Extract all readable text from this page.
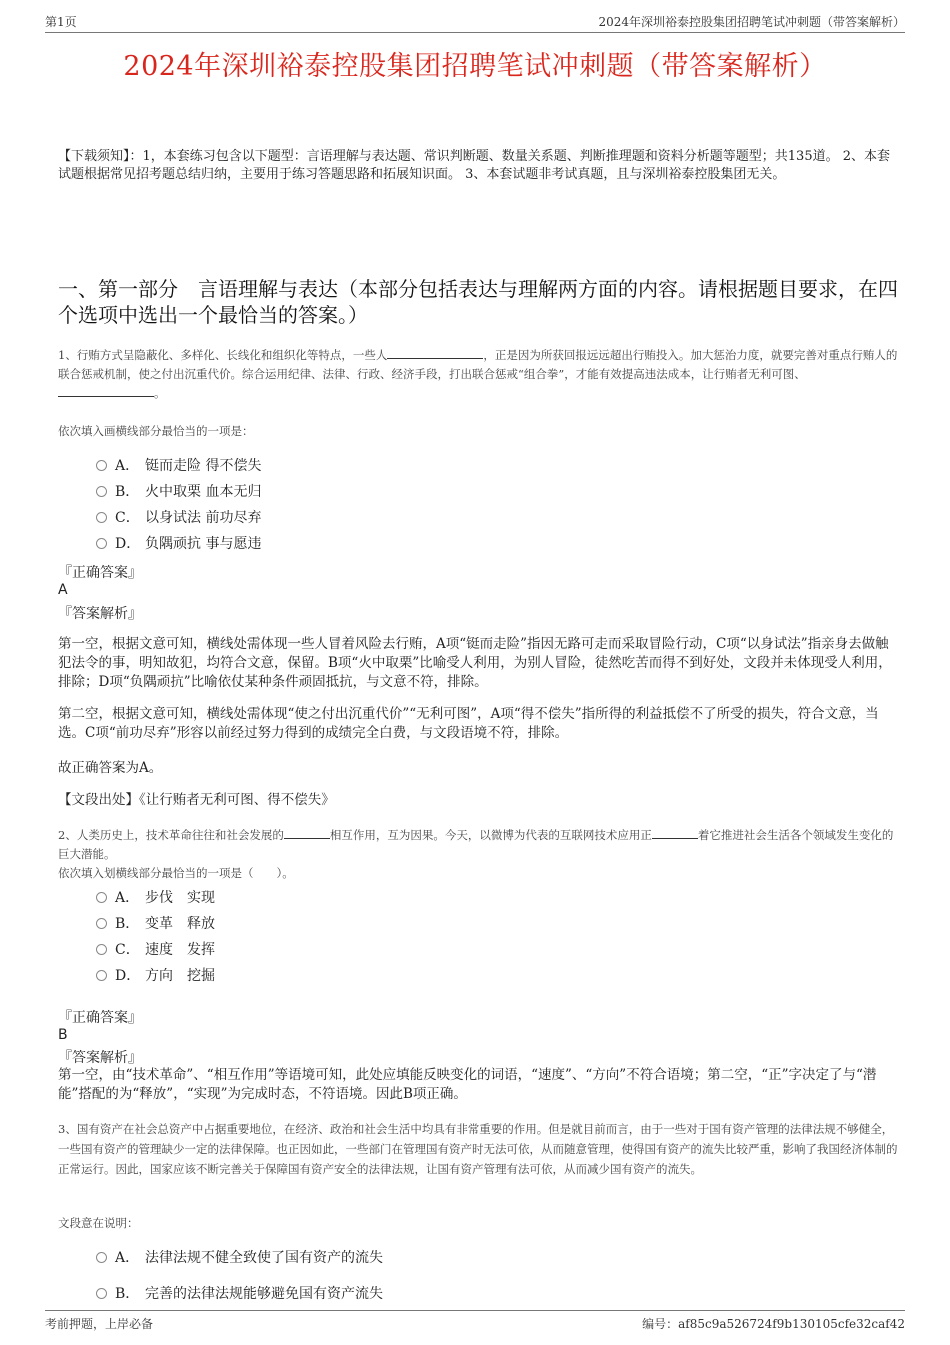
第1页	2024年深圳裕泰控股集团招聘笔试冲刺题（带答案解析）
2024年深圳裕泰控股集团招聘笔试冲刺题（带答案解析）
【下载须知】：1，本套练习包含以下题型：言语理解与表达题、常识判断题、数量关系题、判断推理题和资料分析题等题型；共135道。 2、本套试题根据常见招考题总结归纳，主要用于练习答题思路和拓展知识面。 3、本套试题非考试真题，且与深圳裕泰控股集团无关。
一、第一部分　言语理解与表达（本部分包括表达与理解两方面的内容。请根据题目要求，在四个选项中选出一个最恰当的答案。）
1、行贿方式呈隐蔽化、多样化、长线化和组织化等特点，一些人	，正是因为所获回报远远超出行贿投入。加大惩治力度，就要完善对重点行贿人的联合惩戒机制，使之付出沉重代价。综合运用纪律、法律、行政、经济手段，打出联合惩戒“组合拳”，才能有效提高违法成本，让行贿者无利可图、。
依次填入画横线部分最恰当的一项是：
A． 铤而走险 得不偿失
B． 火中取栗 血本无归
C． 以身试法 前功尽弃
D． 负隅顽抗 事与愿违
『正确答案』
A
『答案解析』
第一空，根据文意可知，横线处需体现一些人冒着风险去行贿，A项“铤而走险”指因无路可走而采取冒险行动，C项“以身试法”指亲身去做触犯法令的事，明知故犯，均符合文意，保留。B项“火中取栗”比喻受人利用，为别人冒险，徒然吃苦而得不到好处，文段并未体现受人利用，排除；D项“负隅顽抗”比喻依仗某种条件顽固抵抗，与文意不符，排除。
第二空，根据文意可知，横线处需体现“使之付出沉重代价”“无利可图”，A项“得不偿失”指所得的利益抵偿不了所受的损失，符合文意，当选。C项“前功尽弃”形容以前经过努力得到的成绩完全白费，与文段语境不符，排除。
故正确答案为A。
【文段出处】《让行贿者无利可图、得不偿失》
2、人类历史上，技术革命往往和社会发展的	相互作用，互为因果。今天，以微博为代表的互联网技术应用正	着它推进社会生活各个领域发生变化的巨大潜能。
依次填入划横线部分最恰当的一项是（　　）。
A． 步伐　实现
B． 变革　释放
C． 速度　发挥
D． 方向　挖掘
『正确答案』
B
『答案解析』
第一空，由“技术革命”、“相互作用”等语境可知，此处应填能反映变化的词语，“速度”、“方向”不符合语境；第二空，“正”字决定了与“潜能”搭配的为“释放”，“实现”为完成时态，不符语境。因此B项正确。
3、国有资产在社会总资产中占据重要地位，在经济、政治和社会生活中均具有非常重要的作用。但是就目前而言，由于一些对于国有资产管理的法律法规不够健全，一些国有资产的管理缺少一定的法律保障。也正因如此，一些部门在管理国有资产时无法可依，从而随意管理，使得国有资产的流失比较严重，影响了我国经济体制的正常运行。因此，国家应该不断完善关于保障国有资产安全的法律法规，让国有资产管理有法可依，从而减少国有资产的流失。
文段意在说明：
A． 法律法规不健全致使了国有资产的流失
B． 完善的法律法规能够避免国有资产流失
考前押题，上岸必备	编号：af85c9a526724f9b130105cfe32caf42
